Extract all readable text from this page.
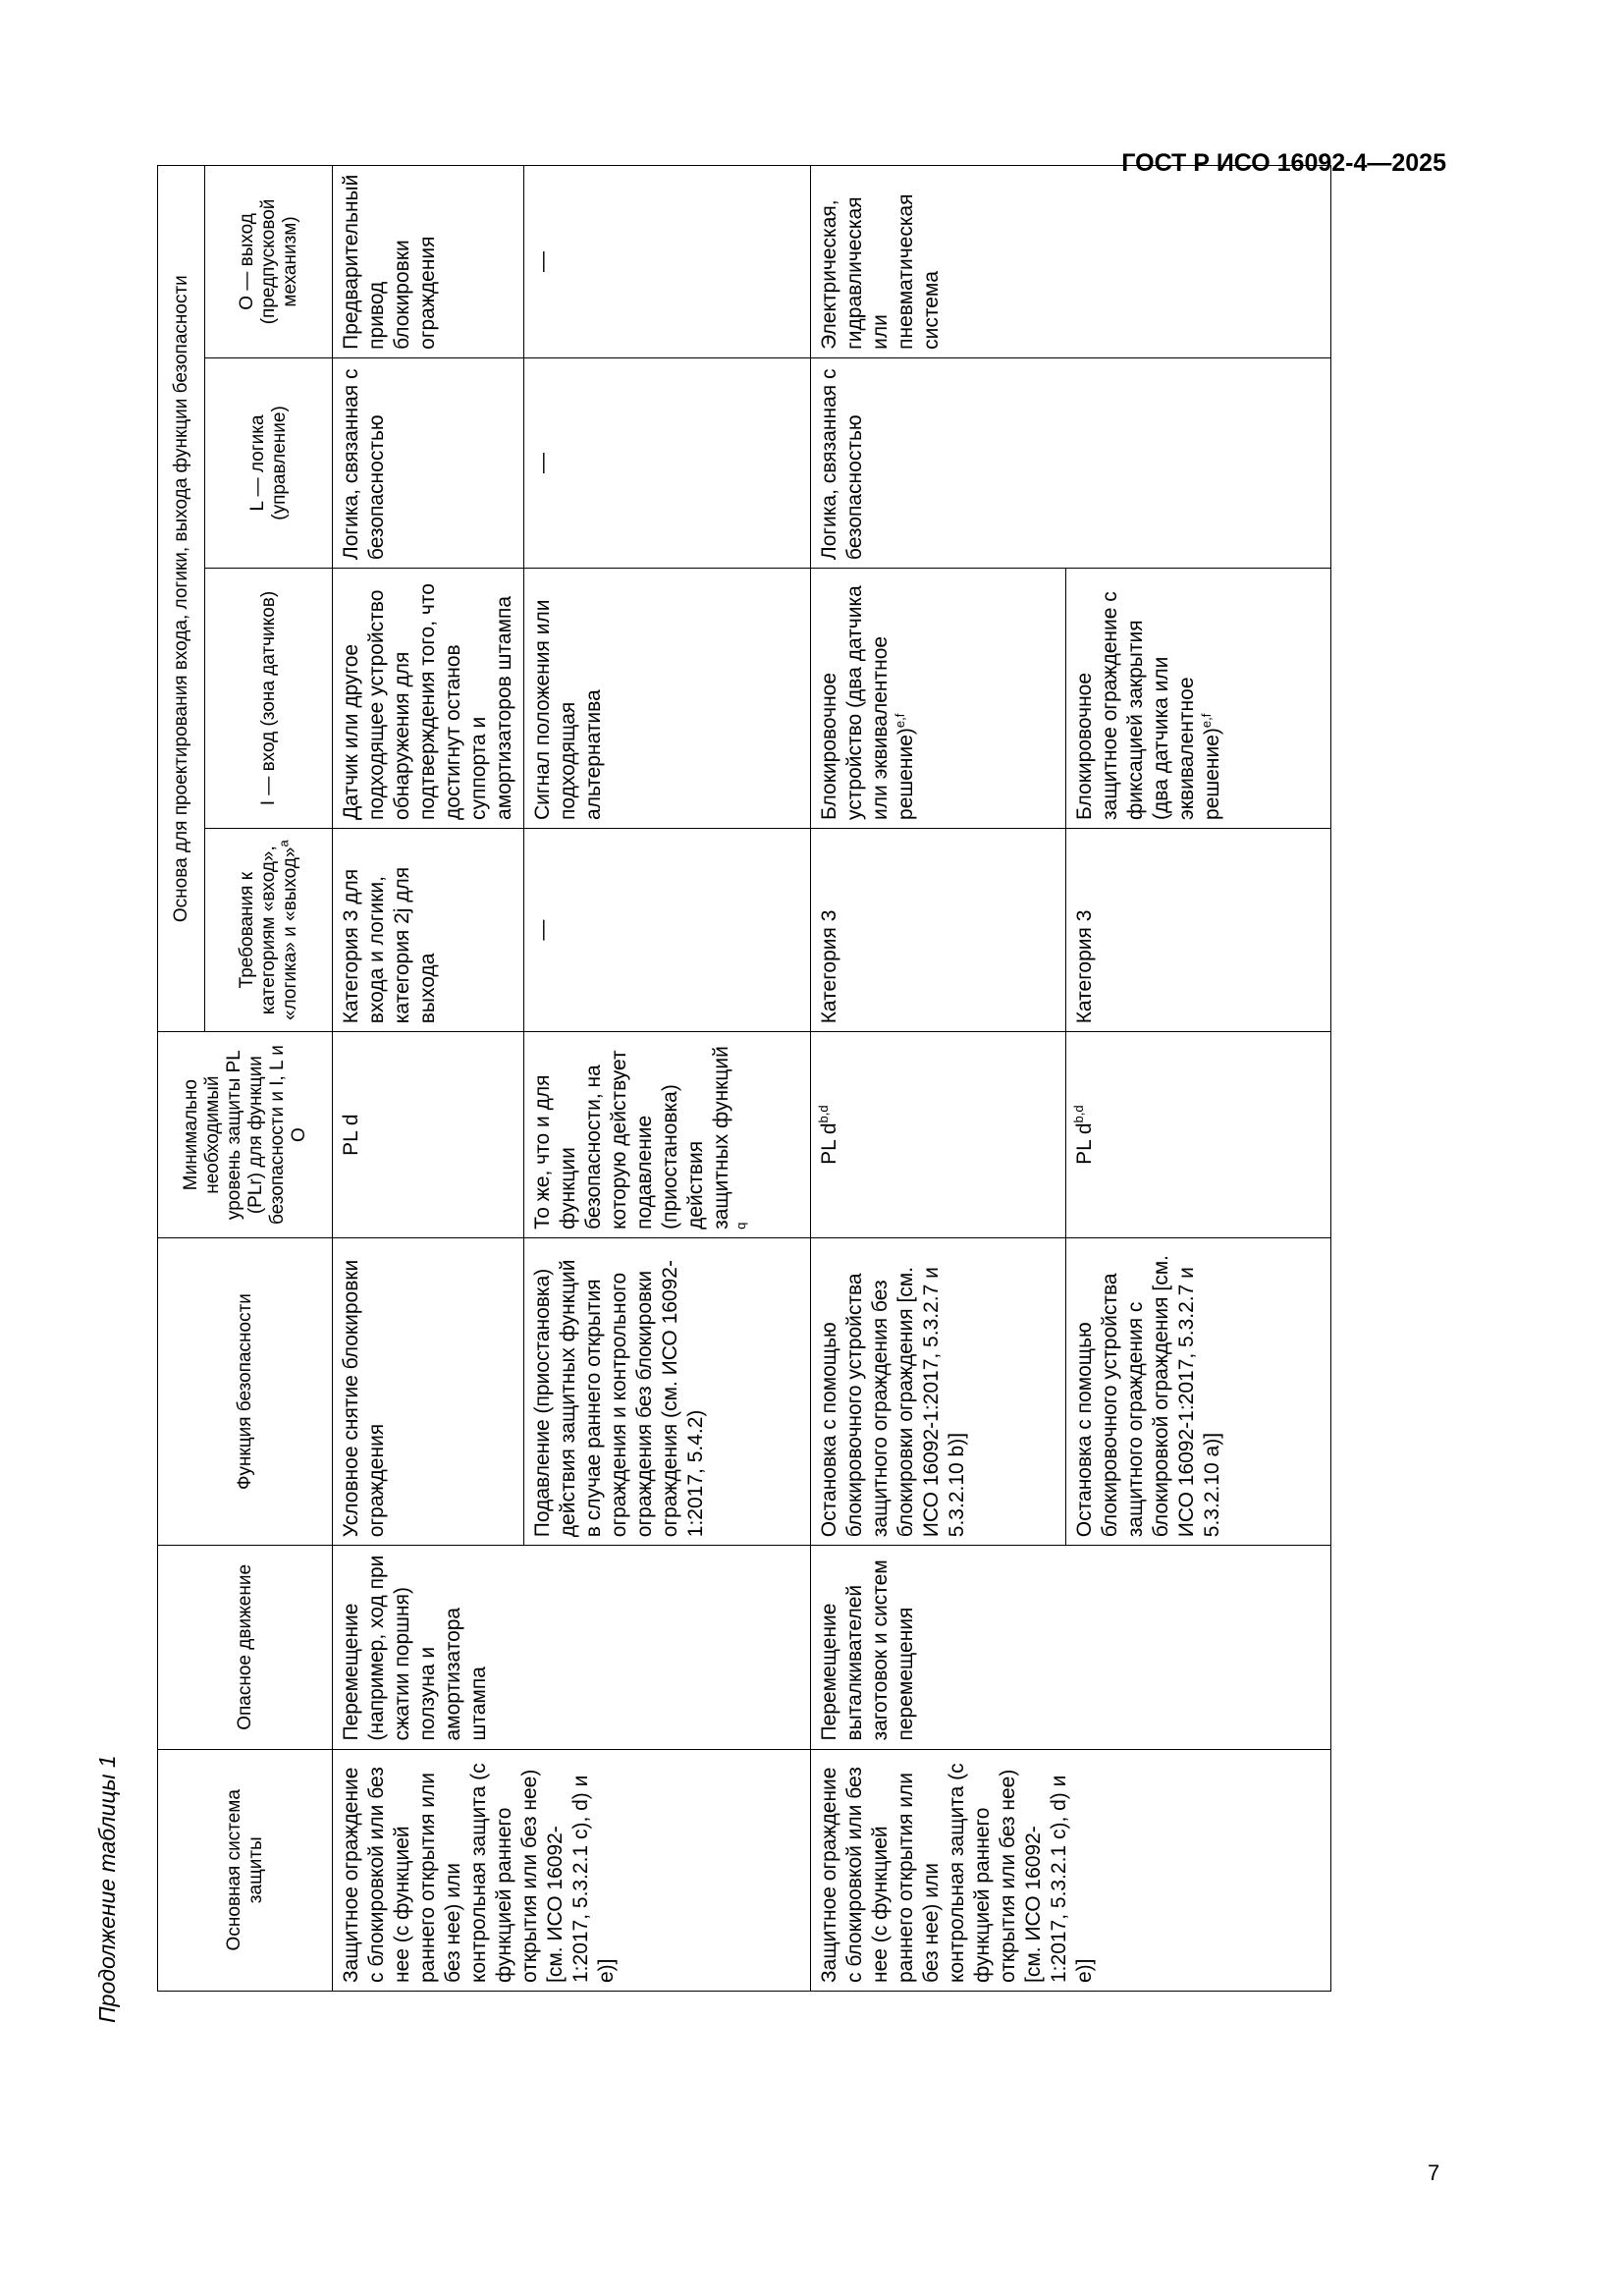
ГОСТ Р ИСО 16092-4—2025
Продолжение таблицы 1
7
Основная система защиты	Опасное движение	Функция безопасности	Минимально необходимый уровень защиты PL (PLr) для функции безопасности и I, L и O	Основа для проектирования входа, логики, выхода функции безопасности			
				Требования к категориям «вход», «логика» и «выход»$^a$	I — вход (зона датчиков)	L — логика (управление)	O — выход (предпусковой механизм)
Защитное ограждение с блокировкой или без нее (с функцией раннего открытия или без нее) или контрольная защита (с функцией раннего открытия или без нее) [см. ИСО 16092-1:2017, 5.3.2.1 c), d) и e)]	Перемещение (например, ход при сжатии поршня) ползуна и амортизатора штампа	Условное снятие блокировки ограждения	PL d	Категория 3 для входа и логики, категория 2j для выхода	Датчик или другое подходящее устройство обнаружения для подтверждения того, что достигнут останов суппорта и амортизаторов штампа	Логика, связанная с безопасностью	Предварительный привод блокировки ограждения
		Подавление (приостановка) действия защитных функций в случае раннего открытия ограждения и контрольного ограждения без блокировки ограждения (см. ИСО 16092-1:2017, 5.4.2)	То же, что и для функции безопасности, на которую действует подавление (приостановка) действия защитных функций $^q$	—	Сигнал положения или подходящая альтернатива	—	—
Защитное ограждение с блокировкой или без нее (с функцией раннего открытия или без нее) или контрольная защита (с функцией раннего открытия или без нее) [см. ИСО 16092-1:2017, 5.3.2.1 c), d) и e)]	Перемещение выталкивателей заготовок и систем перемещения	Остановка с помощью блокировочного устройства защитного ограждения без блокировки ограждения [см. ИСО 16092-1:2017, 5.3.2.7 и 5.3.2.10 b)]	PL $d^{b,d}$	Категория 3	Блокировочное устройство (два датчика или эквивалентное решение)$^{e,f}$	Логика, связанная с безопасностью	Электрическая, гидравлическая или пневматическая система
		Остановка с помощью блокировочного устройства защитного ограждения с блокировкой ограждения [см. ИСО 16092-1:2017, 5.3.2.7 и 5.3.2.10 a)]	PL $d^{b,d}$	Категория 3	Блокировочное защитное ограждение с фиксацией закрытия (два датчика или эквивалентное решение)$^{e,f}$
